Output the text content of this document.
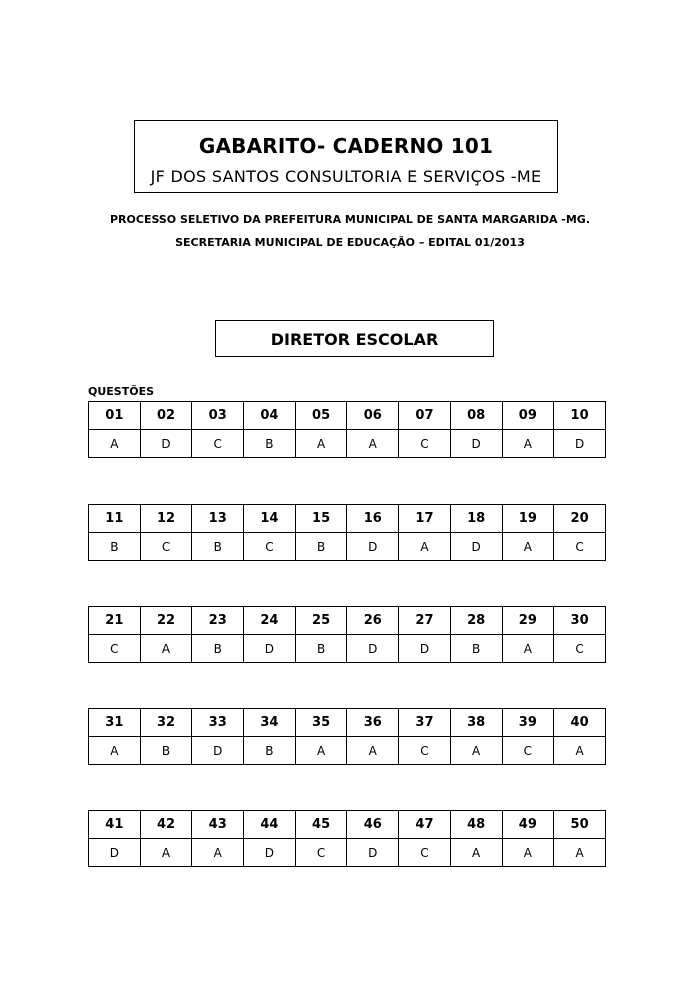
GABARITO- CADERNO 101
JF DOS SANTOS CONSULTORIA E SERVIÇOS -ME
PROCESSO SELETIVO DA PREFEITURA MUNICIPAL DE SANTA MARGARIDA -MG.
SECRETARIA MUNICIPAL DE EDUCAÇÃO – EDITAL 01/2013
DIRETOR ESCOLAR
QUESTÕES
01	02	03	04	05	06	07	08	09	10
A	D	C	B	A	A	C	D	A	D
11	12	13	14	15	16	17	18	19	20
B	C	B	C	B	D	A	D	A	C
21	22	23	24	25	26	27	28	29	30
C	A	B	D	B	D	D	B	A	C
31	32	33	34	35	36	37	38	39	40
A	B	D	B	A	A	C	A	C	A
41	42	43	44	45	46	47	48	49	50
D	A	A	D	C	D	C	A	A	A
